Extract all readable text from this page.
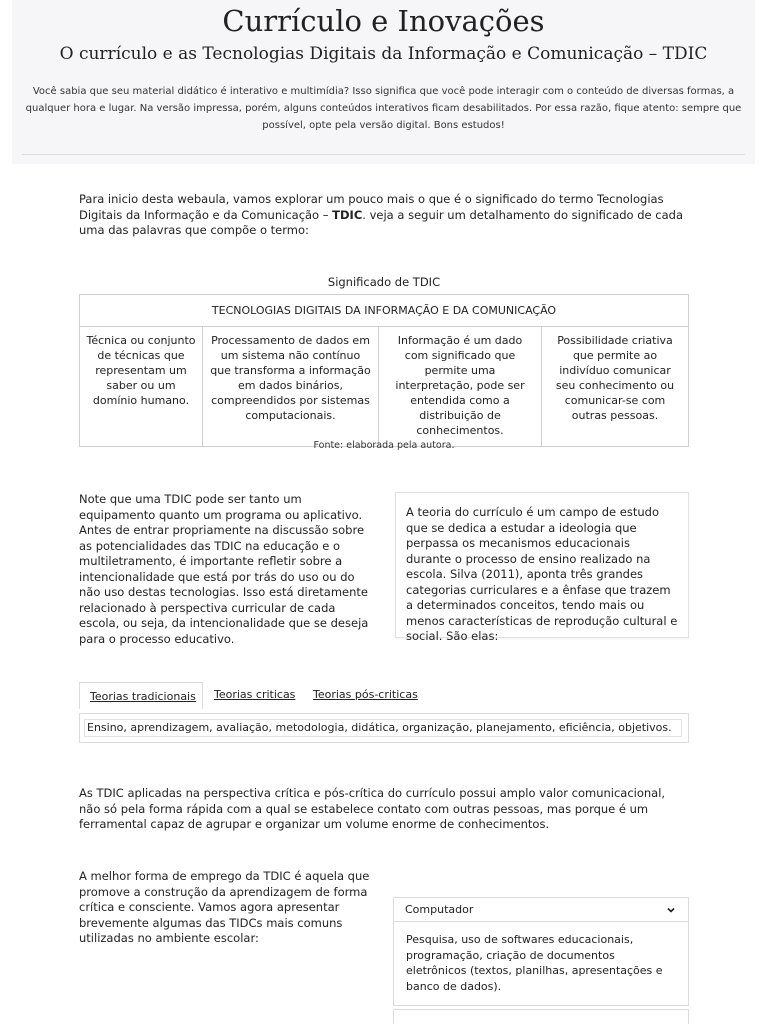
Currículo e Inovações
O currículo e as Tecnologias Digitais da Informação e Comunicação – TDIC
Você sabia que seu material didático é interativo e multimídia? Isso significa que você pode interagir com o conteúdo de diversas formas, a qualquer hora e lugar. Na versão impressa, porém, alguns conteúdos interativos ficam desabilitados. Por essa razão, fique atento: sempre que possível, opte pela versão digital. Bons estudos!

Para inicio desta webaula, vamos explorar um pouco mais o que é o significado do termo Tecnologias Digitais da Informação e da Comunicação – TDIC. veja a seguir um detalhamento do significado de cada uma das palavras que compõe o termo:

Significado de TDIC
TECNOLOGIAS DIGITAIS DA INFORMAÇÃO E DA COMUNICAÇÃO
Técnica ou conjunto de técnicas que representam um saber ou um domínio humano.	Processamento de dados em um sistema não contínuo que transforma a informação em dados binários, compreendidos por sistemas computacionais.	Informação é um dado com significado que permite uma interpretação, pode ser entendida como a distribuição de conhecimentos.	Possibilidade criativa que permite ao indivíduo comunicar seu conhecimento ou comunicar-se com outras pessoas.
Fonte: elaborada pela autora.

Note que uma TDIC pode ser tanto um equipamento quanto um programa ou aplicativo. Antes de entrar propriamente na discussão sobre as potencialidades das TDIC na educação e o multiletramento, é importante refletir sobre a intencionalidade que está por trás do uso ou do não uso destas tecnologias. Isso está diretamente relacionado à perspectiva curricular de cada escola, ou seja, da intencionalidade que se deseja para o processo educativo.

A teoria do currículo é um campo de estudo que se dedica a estudar a ideologia que perpassa os mecanismos educacionais durante o processo de ensino realizado na escola. Silva (2011), aponta três grandes categorias curriculares e a ênfase que trazem a determinados conceitos, tendo mais ou menos características de reprodução cultural e social. São elas:

Teorias tradicionais	Teorias criticas	Teorias pós-criticas
Ensino, aprendizagem, avaliação, metodologia, didática, organização, planejamento, eficiência, objetivos.

As TDIC aplicadas na perspectiva crítica e pós-crítica do currículo possui amplo valor comunicacional, não só pela forma rápida com a qual se estabelece contato com outras pessoas, mas porque é um ferramental capaz de agrupar e organizar um volume enorme de conhecimentos.

A melhor forma de emprego da TDIC é aquela que promove a construção da aprendizagem de forma crítica e consciente. Vamos agora apresentar brevemente algumas das TIDCs mais comuns utilizadas no ambiente escolar:

Computador
Pesquisa, uso de softwares educacionais, programação, criação de documentos eletrônicos (textos, planilhas, apresentações e banco de dados).
